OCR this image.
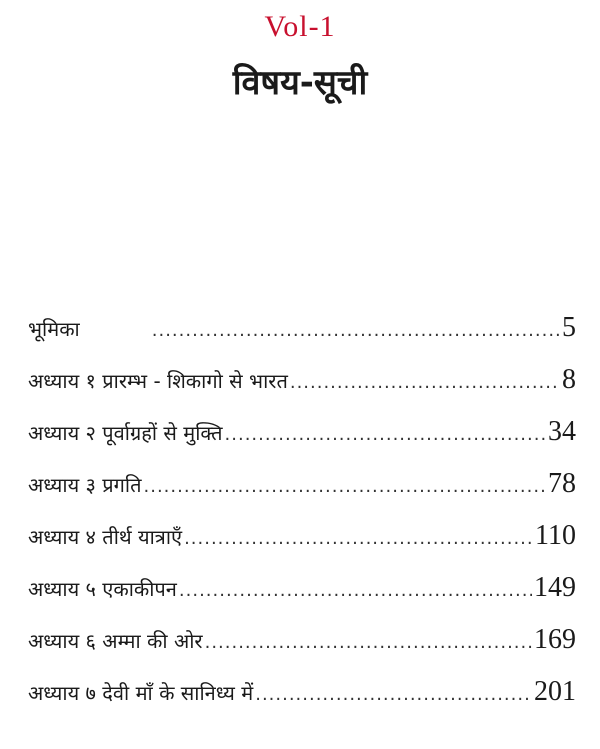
Vol-1
विषय-सूची
भूमिका .....	5
अध्याय १ प्रारम्भ - शिकागो से भारत .....	8
अध्याय २ पूर्वाग्रहों से मुक्ति .....	34
अध्याय ३ प्रगति .....	78
अध्याय ४ तीर्थ यात्राएँ .....	110
अध्याय ५ एकाकीपन .....	149
अध्याय ६ अम्मा की ओर .....	169
अध्याय ७ देवी माँ के सानिध्य में .....	201
